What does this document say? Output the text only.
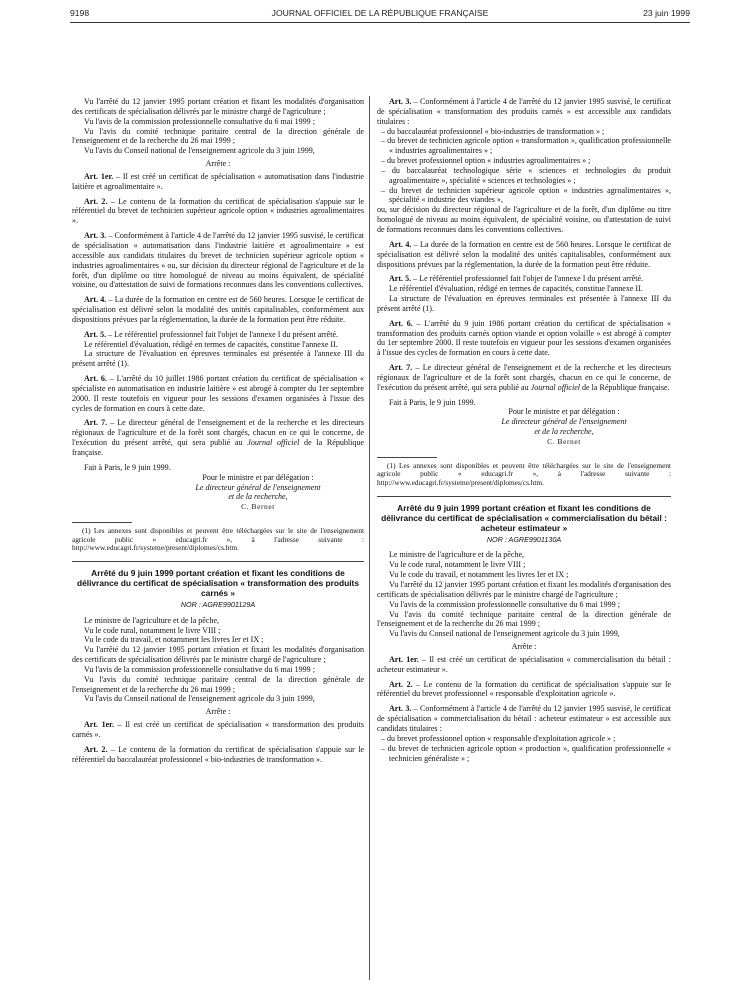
9198	JOURNAL OFFICIEL DE LA RÉPUBLIQUE FRANÇAISE	23 juin 1999

Vu l'arrêté du 12 janvier 1995 portant création et fixant les modalités d'organisation des certificats de spécialisation délivrés par le ministre chargé de l'agriculture ;

Vu l'avis de la commission professionnelle consultative du 6 mai 1999 ;

Vu l'avis du comité technique paritaire central de la direction générale de l'enseignement et de la recherche du 26 mai 1999 ;

Vu l'avis du Conseil national de l'enseignement agricole du 3 juin 1999,

Arrête :

Art. 1er. – Il est créé un certificat de spécialisation « automatisation dans l'industrie laitière et agroalimentaire ».

Art. 2. – Le contenu de la formation du certificat de spécialisation s'appuie sur le référentiel du brevet de technicien supérieur agricole option « industries agroalimentaires ».

Art. 3. – Conformément à l'article 4 de l'arrêté du 12 janvier 1995 susvisé, le certificat de spécialisation « automatisation dans l'industrie laitière et agroalimentaire » est accessible aux candidats titulaires du brevet de technicien supérieur agricole option « industries agroalimentaires » ou, sur décision du directeur régional de l'agriculture et de la forêt, d'un diplôme ou titre homologué de niveau au moins équivalent, de spécialité voisine, ou d'attestation de suivi de formations reconnues dans les conventions collectives.

Art. 4. – La durée de la formation en centre est de 560 heures. Lorsque le certificat de spécialisation est délivré selon la modalité des unités capitalisables, conformément aux dispositions prévues par la réglementation, la durée de la formation peut être réduite.

Art. 5. – Le référentiel professionnel fait l'objet de l'annexe I du présent arrêté.

Le référentiel d'évaluation, rédigé en termes de capacités, constitue l'annexe II.

La structure de l'évaluation en épreuves terminales est présentée à l'annexe III du présent arrêté (1).

Art. 6. – L'arrêté du 10 juillet 1986 portant création du certificat de spécialisation « spécialiste en automatisation en industrie laitière » est abrogé à compter du 1er septembre 2000. Il reste toutefois en vigueur pour les sessions d'examen organisées à l'issue des cycles de formation en cours à cette date.

Art. 7. – Le directeur général de l'enseignement et de la recherche et les directeurs régionaux de l'agriculture et de la forêt sont chargés, chacun en ce qui le concerne, de l'exécution du présent arrêté, qui sera publié au Journal officiel de la République française.

Fait à Paris, le 9 juin 1999.

Pour le ministre et par délégation :

Le directeur général de l'enseignement

et de la recherche,

C. Bernet

(1) Les annexes sont disponibles et peuvent être téléchargées sur le site de l'enseignement agricole public « educagri.fr », à l'adresse suivante : http://www.educagri.fr/systeme/present/diplomes/cs.htm.

Arrêté du 9 juin 1999 portant création et fixant les conditions de délivrance du certificat de spécialisation « transformation des produits carnés »

NOR : AGRE9901129A

Le ministre de l'agriculture et de la pêche,

Vu le code rural, notamment le livre VIII ;

Vu le code du travail, et notamment les livres Ier et IX ;

Vu l'arrêté du 12 janvier 1995 portant création et fixant les modalités d'organisation des certificats de spécialisation délivrés par le ministre chargé de l'agriculture ;

Vu l'avis de la commission professionnelle consultative du 6 mai 1999 ;

Vu l'avis du comité technique paritaire central de la direction générale de l'enseignement et de la recherche du 26 mai 1999 ;

Vu l'avis du Conseil national de l'enseignement agricole du 3 juin 1999,

Arrête :

Art. 1er. – Il est créé un certificat de spécialisation « transformation des produits carnés ».

Art. 2. – Le contenu de la formation du certificat de spécialisation s'appuie sur le référentiel du baccalauréat professionnel « bio-industries de transformation ».

Art. 3. – Conformément à l'article 4 de l'arrêté du 12 janvier 1995 susvisé, le certificat de spécialisation « transformation des produits carnés » est accessible aux candidats titulaires :

– du baccalauréat professionnel « bio-industries de transformation » ;
– du brevet de technicien agricole option « transformation », qualification professionnelle « industries agroalimentaires » ;
– du brevet professionnel option « industries agroalimentaires » ;
– du baccalauréat technologique série « sciences et technologies du produit agroalimentaire », spécialité « sciences et technologies » ;
– du brevet de technicien supérieur agricole option « industries agroalimentaires », spécialité « industrie des viandes »,

ou, sur décision du directeur régional de l'agriculture et de la forêt, d'un diplôme ou titre homologué de niveau au moins équivalent, de spécialité voisine, ou d'attestation de suivi de formations reconnues dans les conventions collectives.

Art. 4. – La durée de la formation en centre est de 560 heures. Lorsque le certificat de spécialisation est délivré selon la modalité des unités capitalisables, conformément aux dispositions prévues par la réglementation, la durée de la formation peut être réduite.

Art. 5. – Le référentiel professionnel fait l'objet de l'annexe I du présent arrêté.

Le référentiel d'évaluation, rédigé en termes de capacités, constitue l'annexe II.

La structure de l'évaluation en épreuves terminales est présentée à l'annexe III du présent arrêté (1).

Art. 6. – L'arrêté du 9 juin 1986 portant création du certificat de spécialisation « transformation des produits carnés option viande et option volaille » est abrogé à compter du 1er septembre 2000. Il reste toutefois en vigueur pour les sessions d'examen organisées à l'issue des cycles de formation en cours à cette date.

Art. 7. – Le directeur général de l'enseignement et de la recherche et les directeurs régionaux de l'agriculture et de la forêt sont chargés, chacun en ce qui le concerne, de l'exécution du présent arrêté, qui sera publié au Journal officiel de la République française.

Fait à Paris, le 9 juin 1999.

Pour le ministre et par délégation :

Le directeur général de l'enseignement

et de la recherche,

C. Bernet

(1) Les annexes sont disponibles et peuvent être téléchargées sur le site de l'enseignement agricole public « educagri.fr », à l'adresse suivante : http://www.educagri.fr/systeme/present/diplomes/cs.htm.

Arrêté du 9 juin 1999 portant création et fixant les conditions de délivrance du certificat de spécialisation « commercialisation du bétail : acheteur estimateur »

NOR : AGRE9901130A

Le ministre de l'agriculture et de la pêche,

Vu le code rural, notamment le livre VIII ;

Vu le code du travail, et notamment les livres Ier et IX ;

Vu l'arrêté du 12 janvier 1995 portant création et fixant les modalités d'organisation des certificats de spécialisation délivrés par le ministre chargé de l'agriculture ;

Vu l'avis de la commission professionnelle consultative du 6 mai 1999 ;

Vu l'avis du comité technique paritaire central de la direction générale de l'enseignement et de la recherche du 26 mai 1999 ;

Vu l'avis du Conseil national de l'enseignement agricole du 3 juin 1999,

Arrête :

Art. 1er. – Il est créé un certificat de spécialisation « commercialisation du bétail : acheteur estimateur ».

Art. 2. – Le contenu de la formation du certificat de spécialisation s'appuie sur le référentiel du brevet professionnel « responsable d'exploitation agricole ».

Art. 3. – Conformément à l'article 4 de l'arrêté du 12 janvier 1995 susvisé, le certificat de spécialisation « commercialisation du bétail : acheteur estimateur » est accessible aux candidats titulaires :

– du brevet professionnel option « responsable d'exploitation agricole » ;
– du brevet de technicien agricole option « production », qualification professionnelle « technicien généraliste » ;
